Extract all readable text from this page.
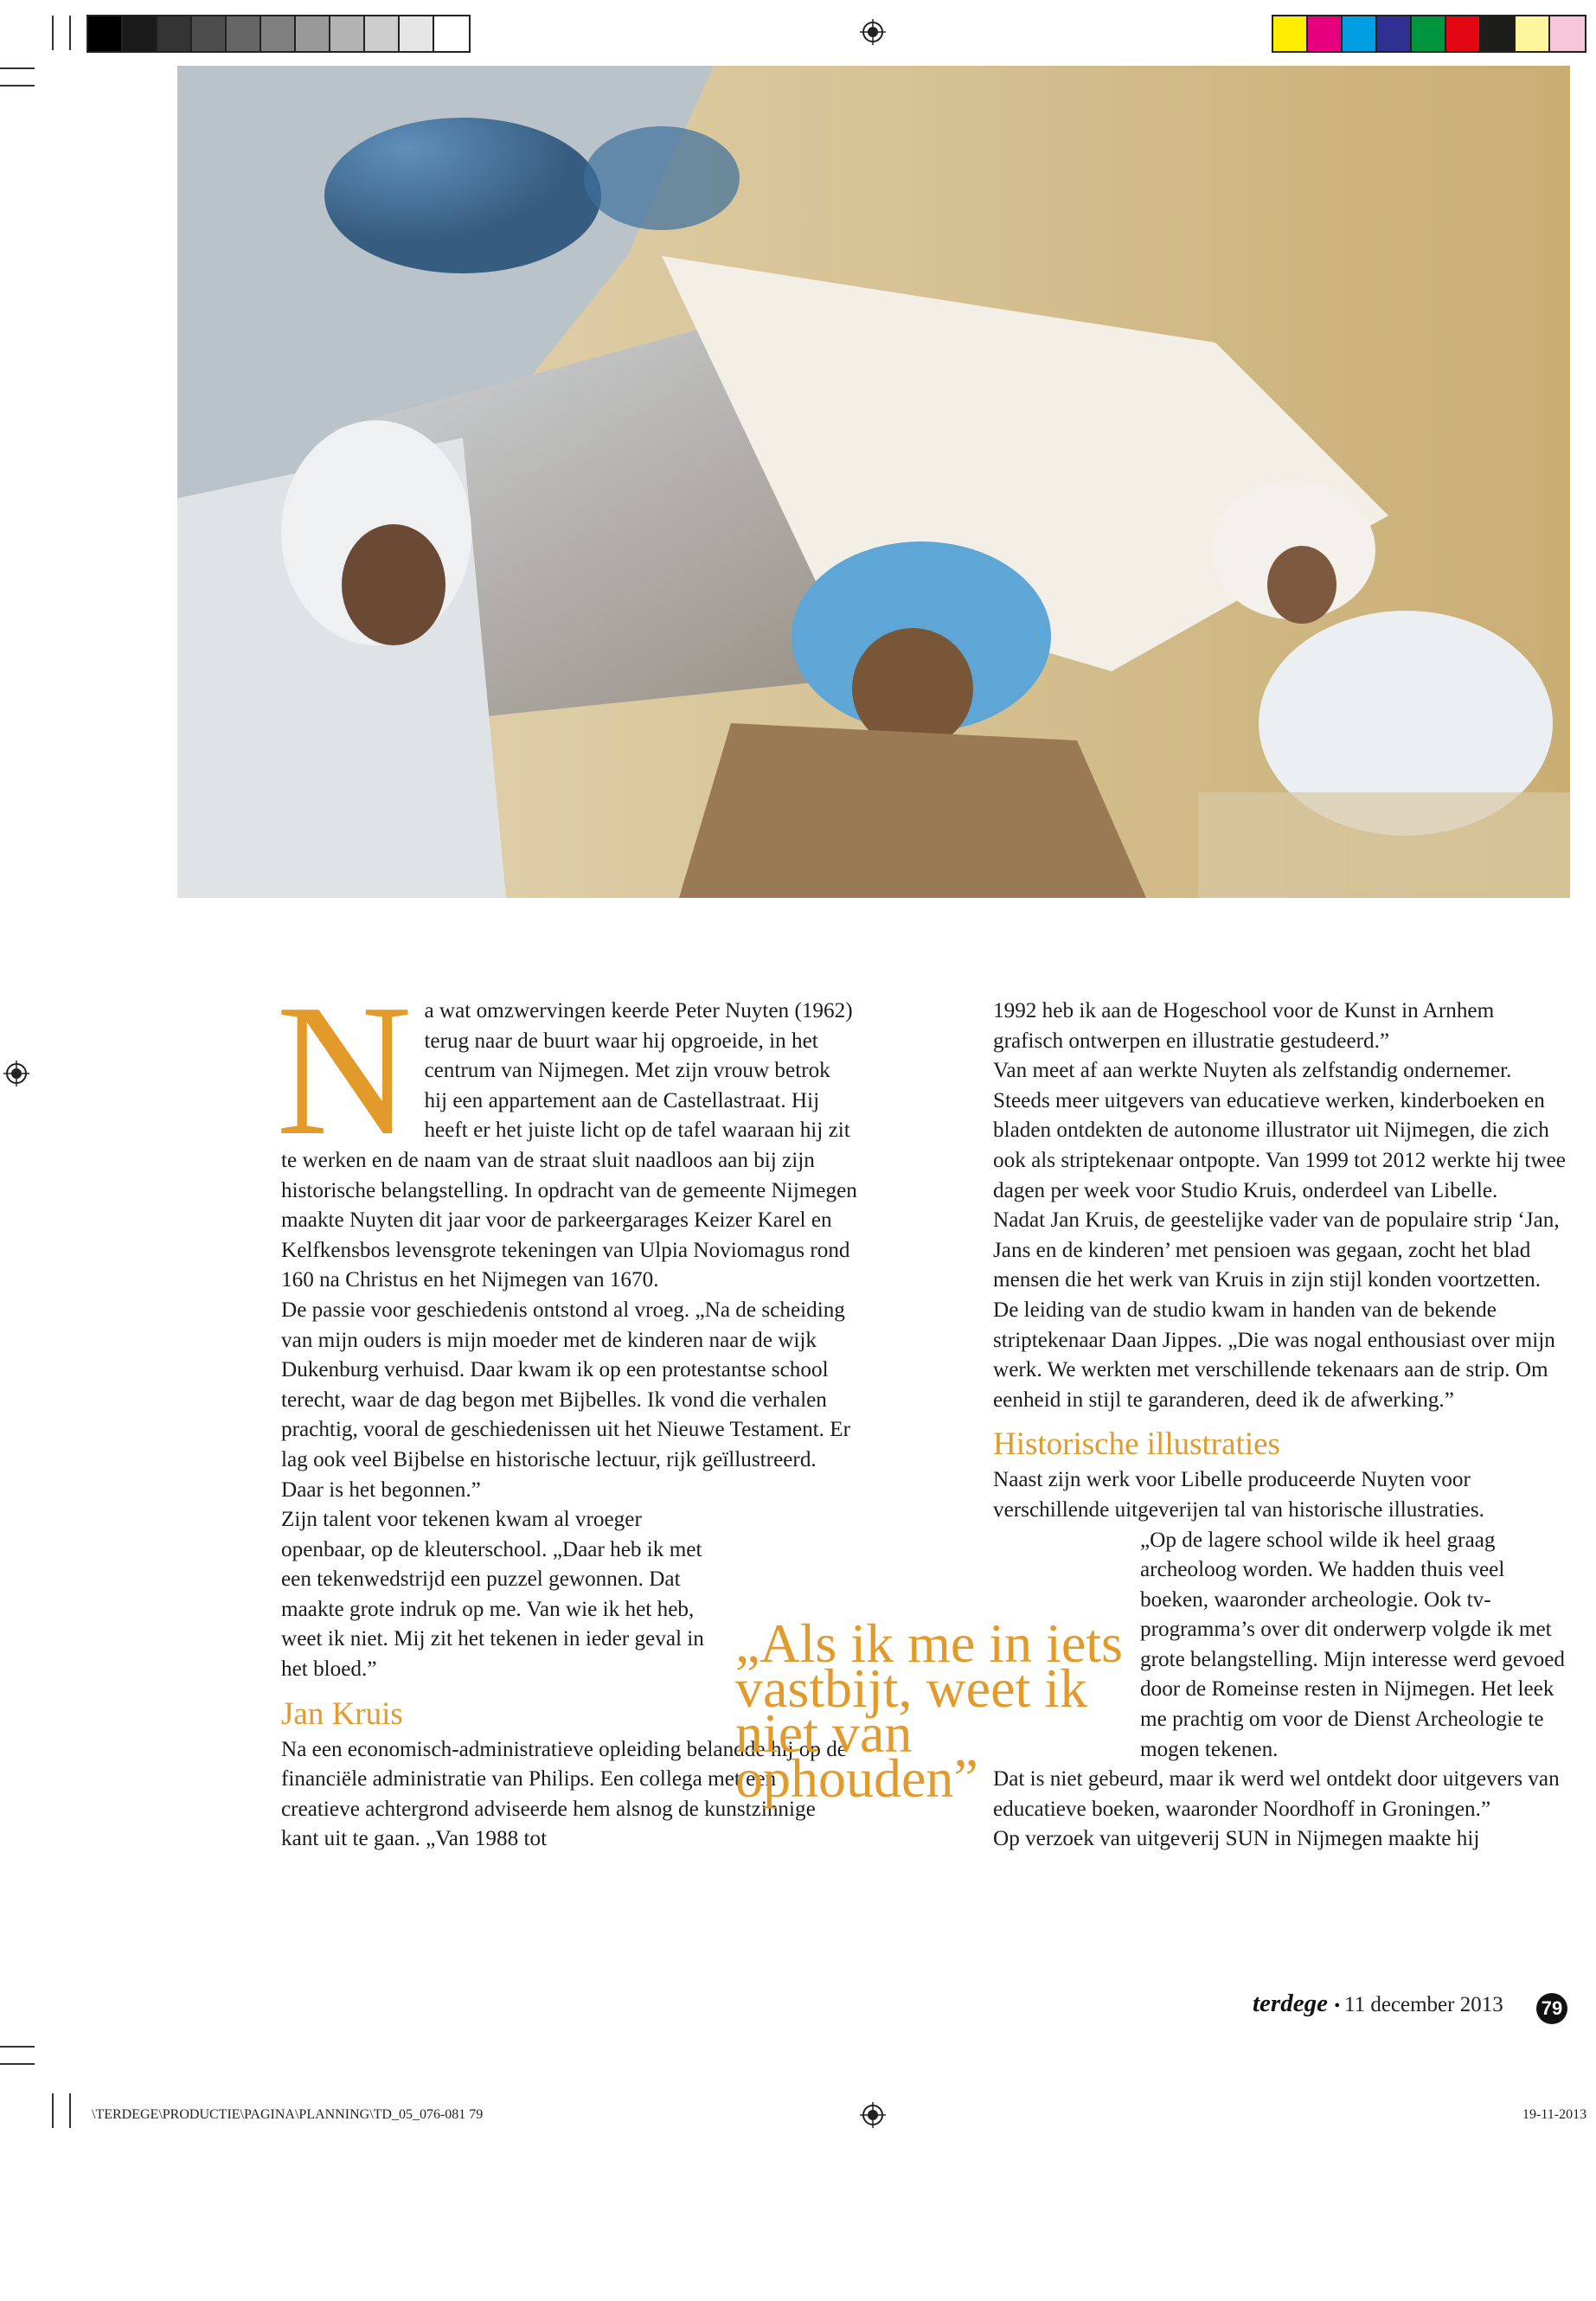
N a wat omzwervingen keerde Peter Nuyten (1962) terug naar de buurt waar hij opgroeide, in het centrum van Nijmegen. Met zijn vrouw betrok hij een appartement aan de Castellastraat. Hij heeft er het juiste licht op de tafel waaraan hij zit te werken en de naam van de straat sluit naadloos aan bij zijn historische belangstelling. In opdracht van de gemeente Nijmegen maakte Nuyten dit jaar voor de parkeergarages Keizer Karel en Kelfkensbos levensgrote tekeningen van Ulpia Noviomagus rond 160 na Christus en het Nijmegen van 1670.

De passie voor geschiedenis ontstond al vroeg. „Na de scheiding van mijn ouders is mijn moeder met de kinderen naar de wijk Dukenburg verhuisd. Daar kwam ik op een protestantse school terecht, waar de dag begon met Bijbelles. Ik vond die verhalen prachtig, vooral de geschiedenissen uit het Nieuwe Testament. Er lag ook veel Bijbelse en historische lectuur, rijk geïllustreerd. Daar is het begonnen.”

Zijn talent voor tekenen kwam al vroeger openbaar, op de kleuterschool. „Daar heb ik met een tekenwedstrijd een puzzel gewonnen. Dat maakte grote indruk op me. Van wie ik het heb, weet ik niet. Mij zit het tekenen in ieder geval in het bloed.”

Jan Kruis

Na een economisch-administratieve opleiding belandde hij op de financiële administratie van Philips. Een collega met een creatieve achtergrond adviseerde hem alsnog de kunstzinnige kant uit te gaan. „Van 1988 tot

1992 heb ik aan de Hogeschool voor de Kunst in Arnhem grafisch ontwerpen en illustratie gestudeerd.”

Van meet af aan werkte Nuyten als zelfstandig ondernemer. Steeds meer uitgevers van educatieve werken, kinderboeken en bladen ontdekten de autonome illustrator uit Nijmegen, die zich ook als striptekenaar ontpopte. Van 1999 tot 2012 werkte hij twee dagen per week voor Studio Kruis, onderdeel van Libelle.

Nadat Jan Kruis, de geestelijke vader van de populaire strip ‘Jan, Jans en de kinderen’ met pensioen was gegaan, zocht het blad mensen die het werk van Kruis in zijn stijl konden voortzetten. De leiding van de studio kwam in handen van de bekende striptekenaar Daan Jippes. „Die was nogal enthousiast over mijn werk. We werkten met verschillende tekenaars aan de strip. Om eenheid in stijl te garanderen, deed ik de afwerking.”

Historische illustraties

Naast zijn werk voor Libelle produceerde Nuyten voor verschillende uitgeverijen tal van historische illustraties.

„Op de lagere school wilde ik heel graag archeoloog worden. We hadden thuis veel boeken, waaronder archeologie. Ook tv-programma’s over dit onderwerp volgde ik met grote belangstelling. Mijn interesse werd gevoed door de Romeinse resten in Nijmegen. Het leek me prachtig om voor de Dienst Archeologie te mogen tekenen.

Dat is niet gebeurd, maar ik werd wel ontdekt door uitgevers van educatieve boeken, waaronder Noordhoff in Groningen.”

Op verzoek van uitgeverij SUN in Nijmegen maakte hij

„Als ik me in iets vastbijt, weet ik niet van ophouden”
terdege • 11 december 2013 79
\TERDEGE\PRODUCTIE\PAGINA\PLANNING\TD_05_076-081 79	19-11-2013
